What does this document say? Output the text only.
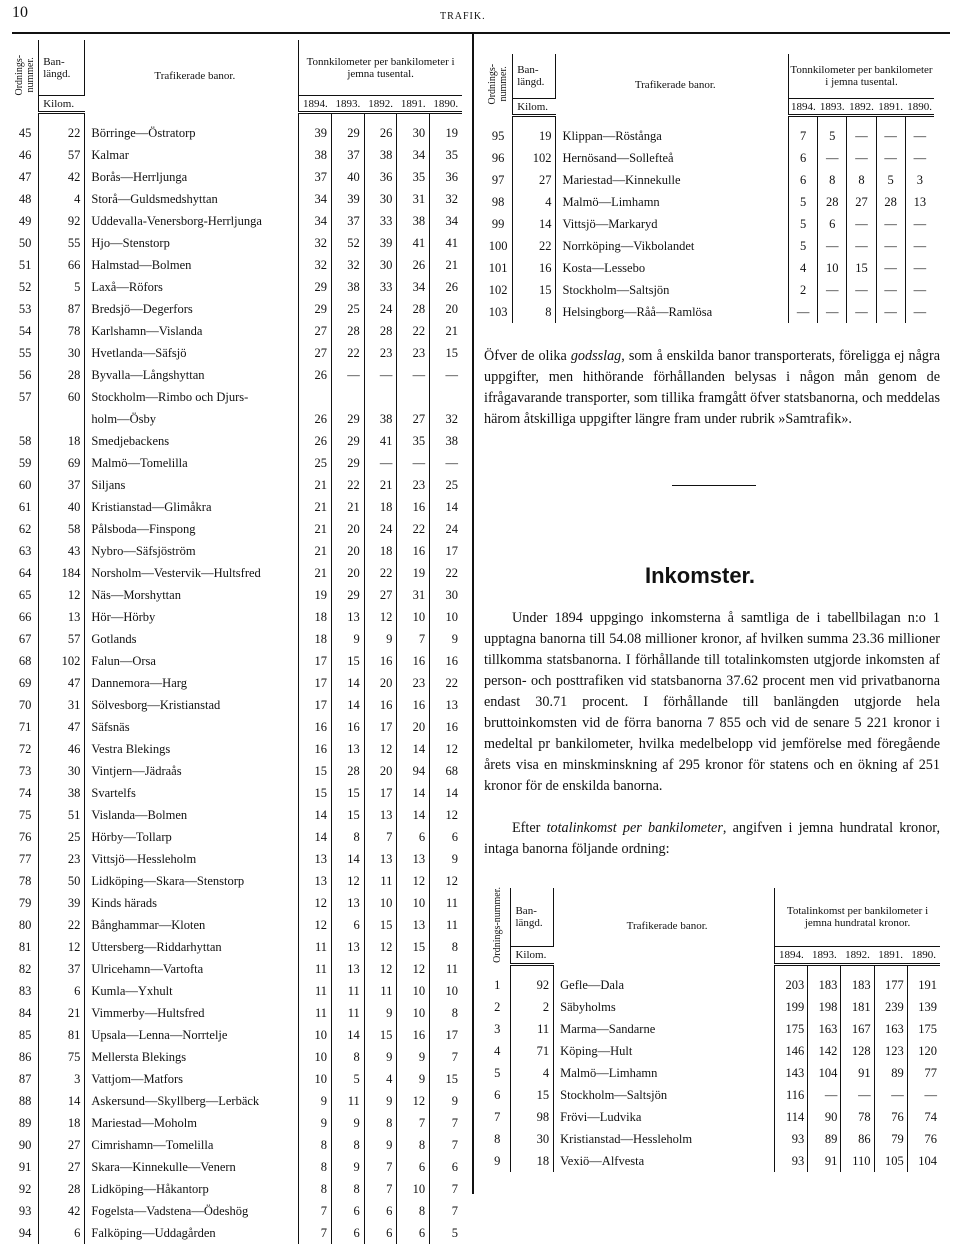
10	TRAFIK.
Ordnings-nummer.	Ban-längd.	Trafikerade banor.	Tonnkilometer per bankilometer i jemna tusental.				
	Kilom.		1894.	1893.	1892.	1891.	1890.

45	22	Börringe—Östratorp	39	29	26	30	19
46	57	Kalmar	38	37	38	34	35
47	42	Borås—Herrljunga	37	40	36	35	36
48	4	Storå—Guldsmedshyttan	34	39	30	31	32
49	92	Uddevalla-Venersborg-Herrljunga	34	37	33	38	34
50	55	Hjo—Stenstorp	32	52	39	41	41
51	66	Halmstad—Bolmen	32	32	30	26	21
52	5	Laxå—Röfors	29	38	33	34	26
53	87	Bredsjö—Degerfors	29	25	24	28	20
54	78	Karlshamn—Vislanda	27	28	28	22	21
55	30	Hvetlanda—Säfsjö	27	22	23	23	15
56	28	Byvalla—Långshyttan	26	—	—	—	—
57	60	Stockholm—Rimbo och Djurs-					
		holm—Ösby	26	29	38	27	32
58	18	Smedjebackens	26	29	41	35	38
59	69	Malmö—Tomelilla	25	29	—	—	—
60	37	Siljans	21	22	21	23	25
61	40	Kristianstad—Glimåkra	21	21	18	16	14
62	58	Pålsboda—Finspong	21	20	24	22	24
63	43	Nybro—Säfsjöström	21	20	18	16	17
64	184	Norsholm—Vestervik—Hultsfred	21	20	22	19	22
65	12	Näs—Morshyttan	19	29	27	31	30
66	13	Hör—Hörby	18	13	12	10	10
67	57	Gotlands	18	9	9	7	9
68	102	Falun—Orsa	17	15	16	16	16
69	47	Dannemora—Harg	17	14	20	23	22
70	31	Sölvesborg—Kristianstad	17	14	16	16	13
71	47	Säfsnäs	16	16	17	20	16
72	46	Vestra Blekings	16	13	12	14	12
73	30	Vintjern—Jädraås	15	28	20	94	68
74	38	Svartelfs	15	15	17	14	14
75	51	Vislanda—Bolmen	14	15	13	14	12
76	25	Hörby—Tollarp	14	8	7	6	6
77	23	Vittsjö—Hessleholm	13	14	13	13	9
78	50	Lidköping—Skara—Stenstorp	13	12	11	12	12
79	39	Kinds härads	12	13	10	10	11
80	22	Bånghammar—Kloten	12	6	15	13	11
81	12	Uttersberg—Riddarhyttan	11	13	12	15	8
82	37	Ulricehamn—Vartofta	11	13	12	12	11
83	6	Kumla—Yxhult	11	11	11	10	10
84	21	Vimmerby—Hultsfred	11	11	9	10	8
85	81	Upsala—Lenna—Norrtelje	10	14	15	16	17
86	75	Mellersta Blekings	10	8	9	9	7
87	3	Vattjom—Matfors	10	5	4	9	15
88	14	Askersund—Skyllberg—Lerbäck	9	11	9	12	9
89	18	Mariestad—Moholm	9	9	8	7	7
90	27	Cimrishamn—Tomelilla	8	8	9	8	7
91	27	Skara—Kinnekulle—Venern	8	9	7	6	6
92	28	Lidköping—Håkantorp	8	8	7	10	7
93	42	Fogelsta—Vadstena—Ödeshög	7	6	6	8	7
94	6	Falköping—Uddagården	7	6	6	6	5
Ordnings-nummer.	Ban-längd.	Trafikerade banor.	Tonnkilometer per bankilometer i jemna tusental.				
	Kilom.		1894.	1893.	1892.	1891.	1890.

95	19	Klippan—Röstånga	7	5	—	—	—
96	102	Hernösand—Sollefteå	6	—	—	—	—
97	27	Mariestad—Kinnekulle	6	8	8	5	3
98	4	Malmö—Limhamn	5	28	27	28	13
99	14	Vittsjö—Markaryd	5	6	—	—	—
100	22	Norrköping—Vikbolandet	5	—	—	—	—
101	16	Kosta—Lessebo	4	10	15	—	—
102	15	Stockholm—Saltsjön	2	—	—	—	—
103	8	Helsingborg—Råå—Ramlösa	—	—	—	—	—

Öfver de olika godsslag, som å enskilda banor transporterats, föreligga ej några uppgifter, men hithörande förhållanden belysas i någon mån genom de ifrågavarande transporter, som tillika framgått öfver statsbanorna, och meddelas härom åtskilliga uppgifter längre fram under rubrik »Samtrafik».

Inkomster.

Under 1894 uppgingo inkomsterna å samtliga de i tabellbilagan n:o 1 upptagna banorna till 54.08 millioner kronor, af hvilken summa 23.36 millioner tillkomma statsbanorna. I förhållande till totalinkomsten utgjorde inkomsten af person- och posttrafiken vid statsbanorna 37.62 procent men vid privatbanorna endast 30.71 procent. I förhållande till banlängden utgjorde hela bruttoinkomsten vid de förra banorna 7 855 och vid de senare 5 221 kronor i medeltal pr bankilometer, hvilka medelbelopp vid jemförelse med föregående årets visa en minskminskning af 295 kronor för statens och en ökning af 251 kronor för de enskilda banorna.

Efter totalinkomst per bankilometer, angifven i jemna hundratal kronor, intaga banorna följande ordning:

Ordnings-nummer.	Ban-längd.	Trafikerade banor.	Totalinkomst per bankilometer i jemna hundratal kronor.				
	Kilom.		1894.	1893.	1892.	1891.	1890.

1	92	Gefle—Dala	203	183	183	177	191
2	2	Säbyholms	199	198	181	239	139
3	11	Marma—Sandarne	175	163	167	163	175
4	71	Köping—Hult	146	142	128	123	120
5	4	Malmö—Limhamn	143	104	91	89	77
6	15	Stockholm—Saltsjön	116	—	—	—	—
7	98	Frövi—Ludvika	114	90	78	76	74
8	30	Kristianstad—Hessleholm	93	89	86	79	76
9	18	Vexiö—Alfvesta	93	91	110	105	104
